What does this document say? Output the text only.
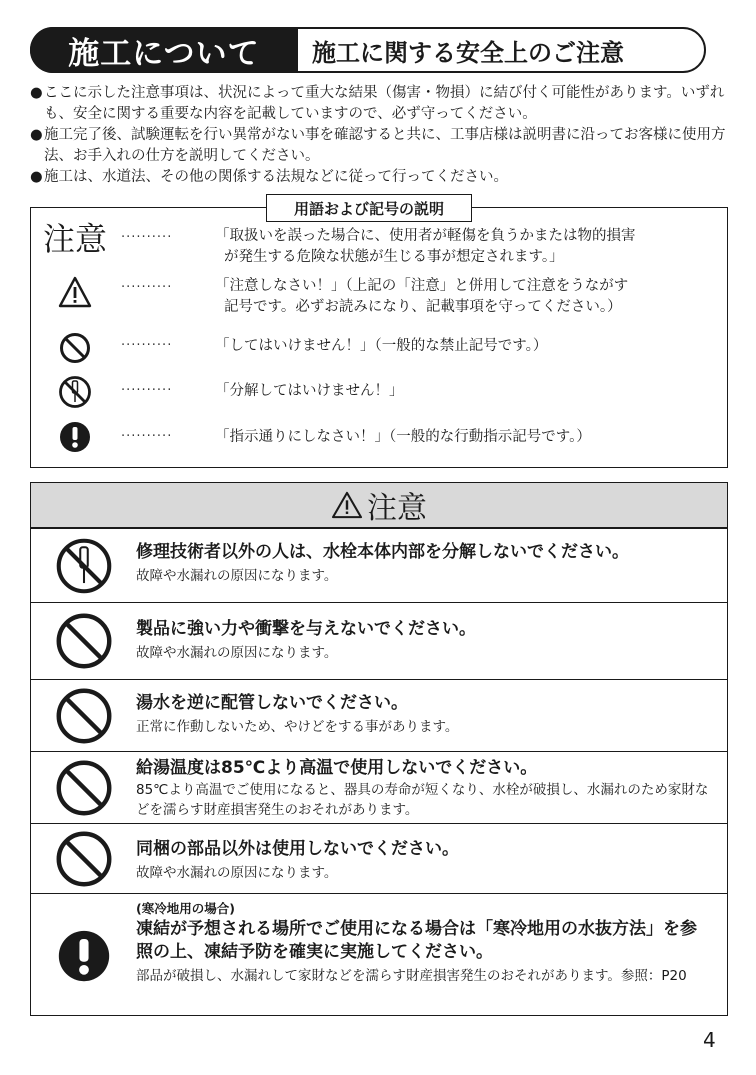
施工について	施工に関する安全上のご注意
● ここに示した注意事項は、状況によって重大な結果（傷害・物損）に結び付く可能性があります。いずれも、安全に関する重要な内容を記載していますので、必ず守ってください。
● 施工完了後、試験運転を行い異常がない事を確認すると共に、工事店様は説明書に沿ってお客様に使用方法、お手入れの仕方を説明してください。
● 施工は、水道法、その他の関係する法規などに従って行ってください。
用語および記号の説明
注意 ··········	「取扱いを誤った場合に、使用者が軽傷を負うかまたは物的損害
が発生する危険な状態が生じる事が想定されます。」
··········	「注意しなさい！」（上記の「注意」と併用して注意をうながす
記号です。必ずお読みになり、記載事項を守ってください。）
··········	「してはいけません！」（一般的な禁止記号です。）
··········	「分解してはいけません！」
··········	「指示通りにしなさい！」（一般的な行動指示記号です。）
注意
修理技術者以外の人は、水栓本体内部を分解しないでください。
故障や水漏れの原因になります。
製品に強い力や衝撃を与えないでください。
故障や水漏れの原因になります。
湯水を逆に配管しないでください。
正常に作動しないため、やけどをする事があります。
給湯温度は85℃より高温で使用しないでください。
85℃より高温でご使用になると、器具の寿命が短くなり、水栓が破損し、水漏れのため家財などを濡らす財産損害発生のおそれがあります。
同梱の部品以外は使用しないでください。
故障や水漏れの原因になります。
(寒冷地用の場合)
凍結が予想される場所でご使用になる場合は「寒冷地用の水抜方法」を参照の上、凍結予防を確実に実施してください。
部品が破損し、水漏れして家財などを濡らす財産損害発生のおそれがあります。参照：P20
4
